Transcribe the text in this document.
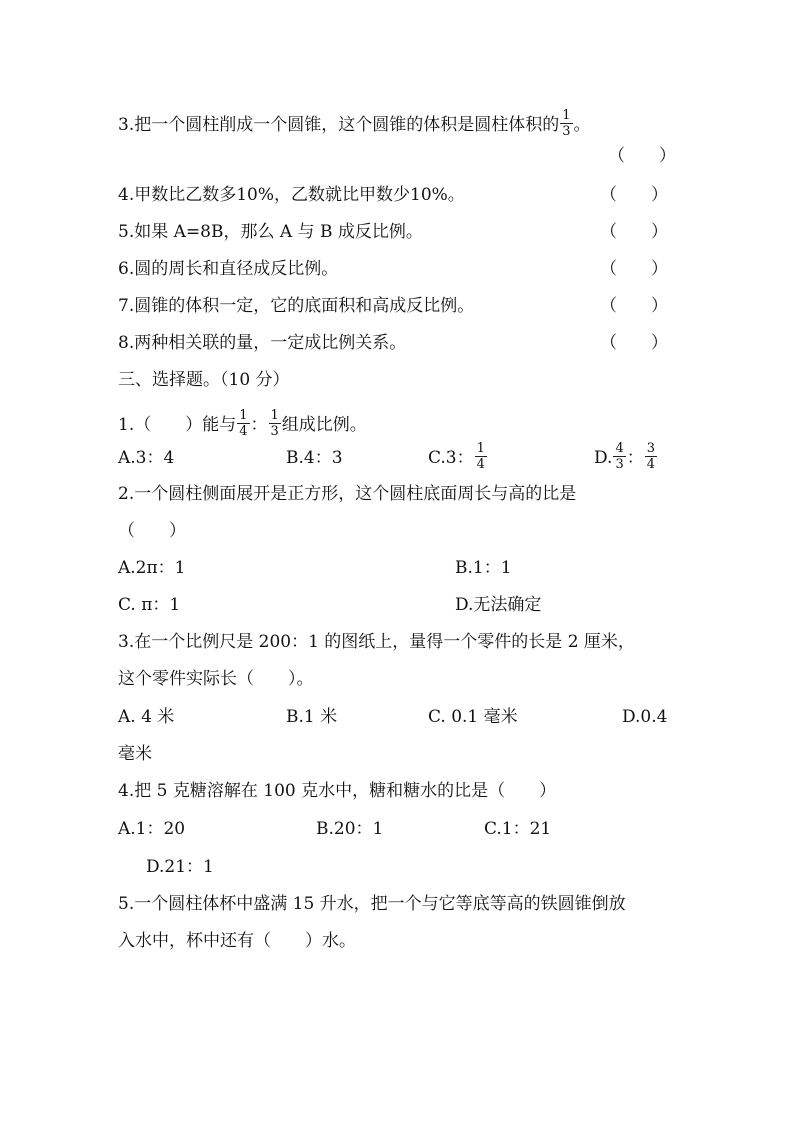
3.把一个圆柱削成一个圆锥，这个圆锥的体积是圆柱体积的 $\frac{1}{3}$ 。
（　　）
4.甲数比乙数多10%，乙数就比甲数少10%。	（　　）
5.如果 A=8B，那么 A 与 B 成反比例。	（　　）
6.圆的周长和直径成反比例。	（　　）
7.圆锥的体积一定，它的底面积和高成反比例。	（　　）
8.两种相关联的量，一定成比例关系。	（　　）
三、选择题。（10 分）
1.（　　）能与 $\frac{1}{4}$ ： $\frac{1}{3}$ 组成比例。
A.3：4	B.4：3	C.3： $\frac{1}{4}$	D. $\frac{4}{3}$ ： $\frac{3}{4}$
2.一个圆柱侧面展开是正方形，这个圆柱底面周长与高的比是
（　　）
A.2π：1	B.1：1
C. π：1	D.无法确定
3.在一个比例尺是 200：1 的图纸上，量得一个零件的长是 2 厘米，
这个零件实际长（　　）。
A. 4 米	B.1 米	C. 0.1 毫米	D.0.4
毫米
4.把 5 克糖溶解在 100 克水中，糖和糖水的比是（　　）
A.1：20	B.20：1	C.1：21
D.21：1
5.一个圆柱体杯中盛满 15 升水，把一个与它等底等高的铁圆锥倒放
入水中，杯中还有（　　）水。
